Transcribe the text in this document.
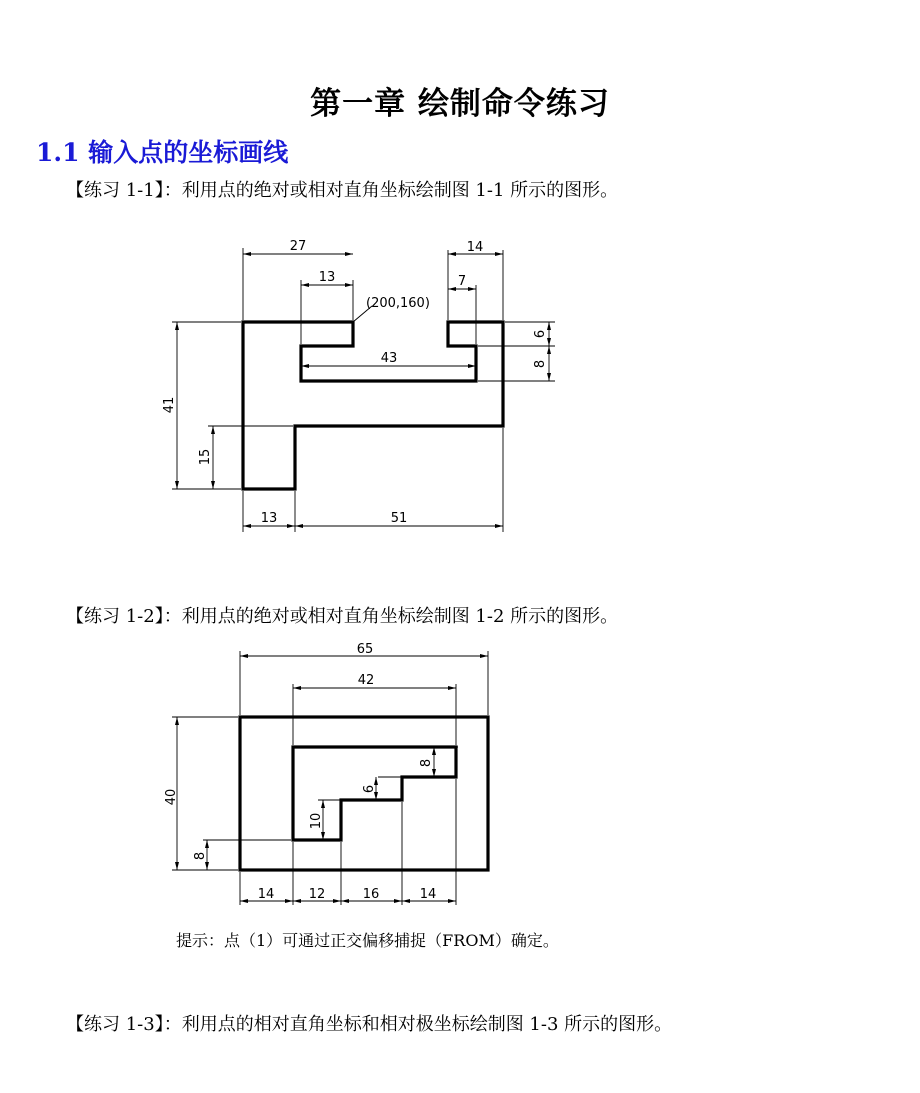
第一章 绘制命令练习
1.1 输入点的坐标画线
【练习 1-1】：利用点的绝对或相对直角坐标绘制图 1-1 所示的图形。
27
13
(200,160)
14
7
43
6
8
41
15
13	51
【练习 1-2】：利用点的绝对或相对直角坐标绘制图 1-2 所示的图形。
65
42
40
8
10
6
8
14	12	16	14
提示：点（1）可通过正交偏移捕捉（FROM）确定。
【练习 1-3】：利用点的相对直角坐标和相对极坐标绘制图 1-3 所示的图形。
